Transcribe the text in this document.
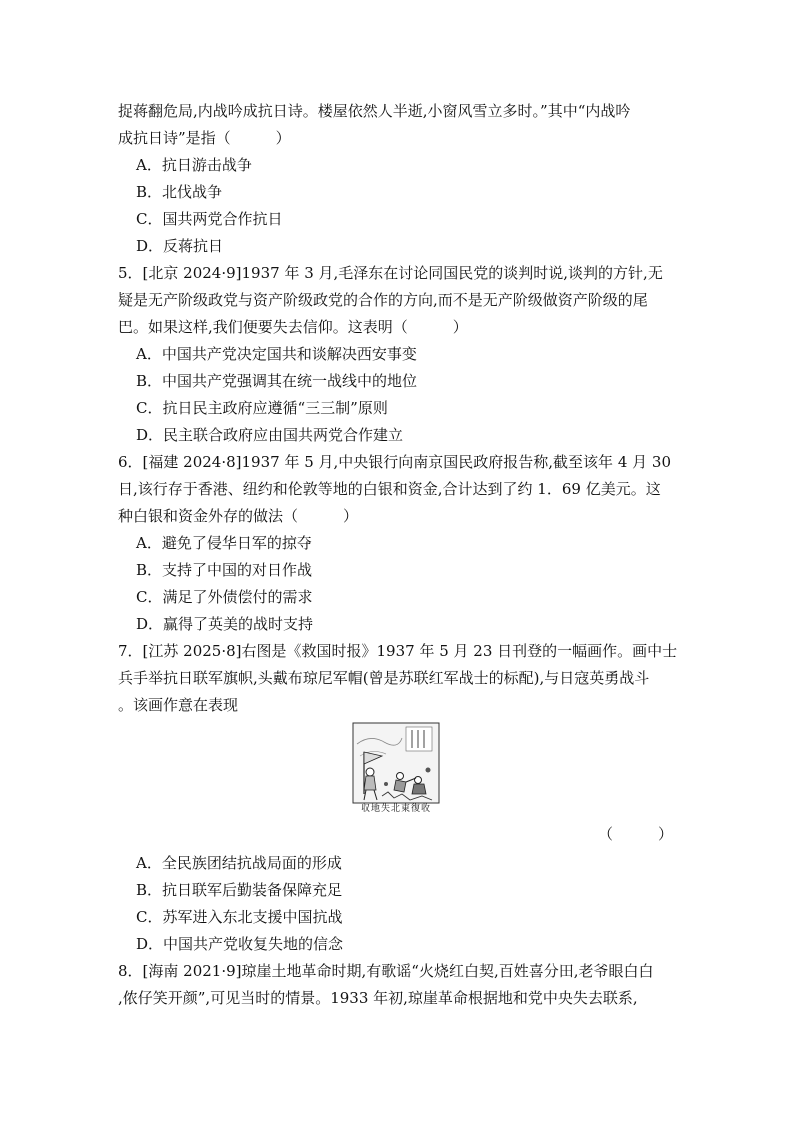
捉蒋翻危局,内战吟成抗日诗。楼屋依然人半逝,小窗风雪立多时。”其中“内战吟
成抗日诗”是指（　　　）
A．抗日游击战争
B．北伐战争
C．国共两党合作抗日
D．反蒋抗日
5．[北京 2024·9]1937 年 3 月,毛泽东在讨论同国民党的谈判时说,谈判的方针,无
疑是无产阶级政党与资产阶级政党的合作的方向,而不是无产阶级做资产阶级的尾
巴。如果这样,我们便要失去信仰。这表明（　　　）
A．中国共产党决定国共和谈解决西安事变
B．中国共产党强调其在统一战线中的地位
C．抗日民主政府应遵循“三三制”原则
D．民主联合政府应由国共两党合作建立
6．[福建 2024·8]1937 年 5 月,中央银行向南京国民政府报告称,截至该年 4 月 30
日,该行存于香港、纽约和伦敦等地的白银和资金,合计达到了约 1．69 亿美元。这
种白银和资金外存的做法（　　　）
A．避免了侵华日军的掠夺
B．支持了中国的对日作战
C．满足了外债偿付的需求
D．赢得了英美的战时支持
7．[江苏 2025·8]右图是《救国时报》1937 年 5 月 23 日刊登的一幅画作。画中士
兵手举抗日联军旗帜,头戴布琼尼军帽(曾是苏联红军战士的标配),与日寇英勇战斗
。该画作意在表现
収地失北東復收
（　　　）
A．全民族团结抗战局面的形成
B．抗日联军后勤装备保障充足
C．苏军进入东北支援中国抗战
D．中国共产党收复失地的信念
8．[海南 2021·9]琼崖土地革命时期,有歌谣“火烧红白契,百姓喜分田,老爷眼白白
,侬仔笑开颜”,可见当时的情景。1933 年初,琼崖革命根据地和党中央失去联系,
